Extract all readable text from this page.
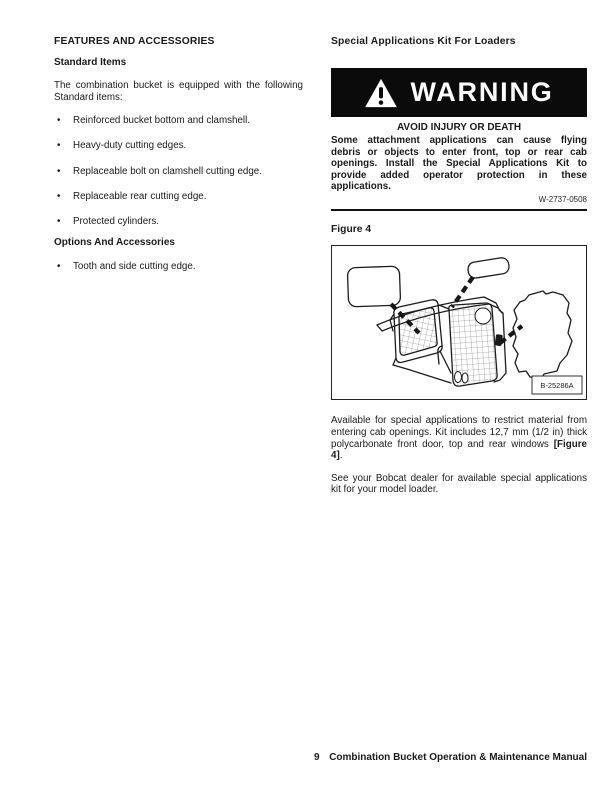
FEATURES AND ACCESSORIES
Standard Items
The combination bucket is equipped with the following
Standard items:
•	Reinforced bucket bottom and clamshell.
•	Heavy-duty cutting edges.
•	Replaceable bolt on clamshell cutting edge.
•	Replaceable rear cutting edge.
•	Protected cylinders.
Options And Accessories
•	Tooth and side cutting edge.
Special Applications Kit For Loaders
WARNING
AVOID INJURY OR DEATH
Some attachment applications can cause flying
debris or objects to enter front, top or rear cab
openings. Install the Special Applications Kit to
provide added operator protection in these
applications.
W-2737-0508
Figure 4
B-25286A
Available for special applications to restrict material from
entering cab openings. Kit includes 12,7 mm (1/2 in) thick
polycarbonate front door, top and rear windows [Figure
4].
See your Bobcat dealer for available special applications
kit for your model loader.
9 Combination Bucket Operation & Maintenance Manual
